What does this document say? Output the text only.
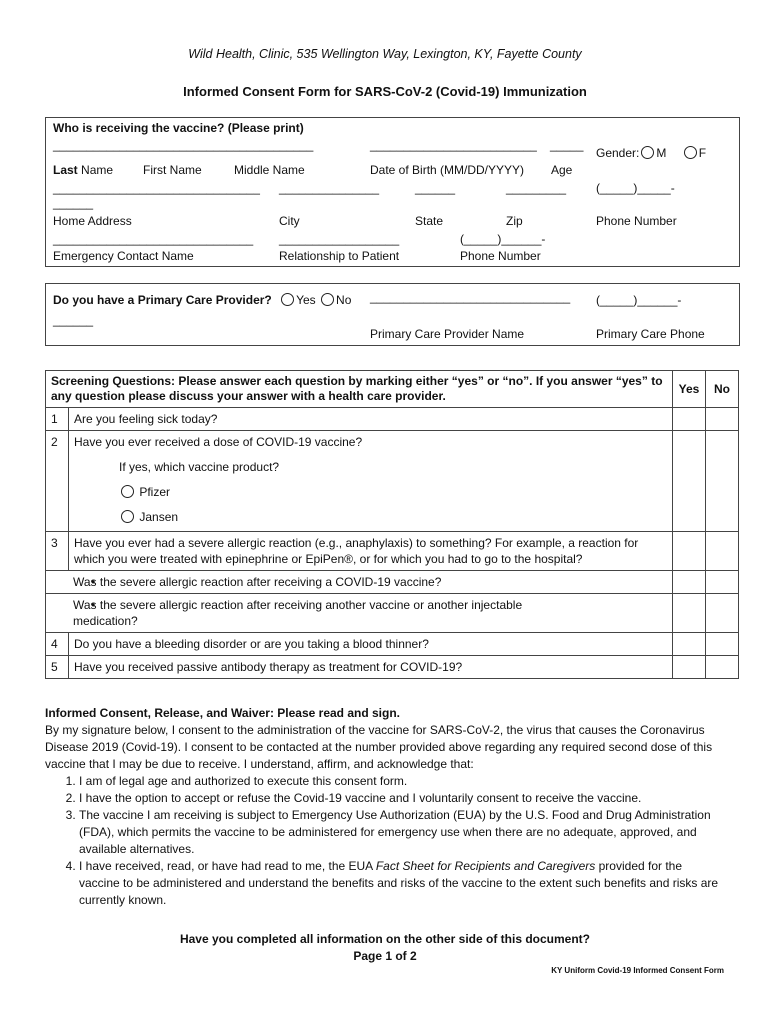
Wild Health, Clinic, 535 Wellington Way, Lexington, KY, Fayette County
Informed Consent Form for SARS-CoV-2 (Covid-19) Immunization
Who is receiving the vaccine? (Please print)
_______________________________________	_________________________ _____
Gender: M	F
Last Name First Name	Middle Name	Date of Birth (MM/DD/YYYY) Age
_______________________________ _______________	______	_________ (_____)_____-
______
Home Address	City	State	Zip	Phone Number
______________________________ __________________	(_____)______-
Emergency Contact Name	Relationship to Patient	Phone Number
Do you have a Primary Care Provider? Yes No ______________________________ (_____)______-
______
Primary Care Provider Name	Primary Care Phone
Screening Questions: Please answer each question by marking either “yes” or “no”. If you answer “yes” to any question please discuss your answer with a health care provider.		Yes	No
1	Are you feeling sick today?		
2	Have you ever received a dose of COVID-19 vaccine?
If yes, which vaccine product?
Pfizer
Jansen		

3	Have you ever had a severe allergic reaction (e.g., anaphylaxis) to something? For example, a reaction for which you were treated with epinephrine or EpiPen®, or for which you had to go to the hospital?		

• Was the severe allergic reaction after receiving a COVID-19 vaccine?

• Was the severe allergic reaction after receiving another vaccine or another injectable medication?

4	Do you have a bleeding disorder or are you taking a blood thinner?		
5	Have you received passive antibody therapy as treatment for COVID-19?		
Informed Consent, Release, and Waiver: Please read and sign.
By my signature below, I consent to the administration of the vaccine for SARS-CoV-2, the virus that causes the Coronavirus Disease 2019 (Covid-19). I consent to be contacted at the number provided above regarding any required second dose of this vaccine that I may be due to receive. I understand, affirm, and acknowledge that:
1. I am of legal age and authorized to execute this consent form.
2. I have the option to accept or refuse the Covid-19 vaccine and I voluntarily consent to receive the vaccine.
3. The vaccine I am receiving is subject to Emergency Use Authorization (EUA) by the U.S. Food and Drug Administration (FDA), which permits the vaccine to be administered for emergency use when there are no adequate, approved, and available alternatives.
4. I have received, read, or have had read to me, the EUA Fact Sheet for Recipients and Caregivers provided for the vaccine to be administered and understand the benefits and risks of the vaccine to the extent such benefits and risks are currently known.
Have you completed all information on the other side of this document?
Page 1 of 2
KY Uniform Covid-19 Informed Consent Form
